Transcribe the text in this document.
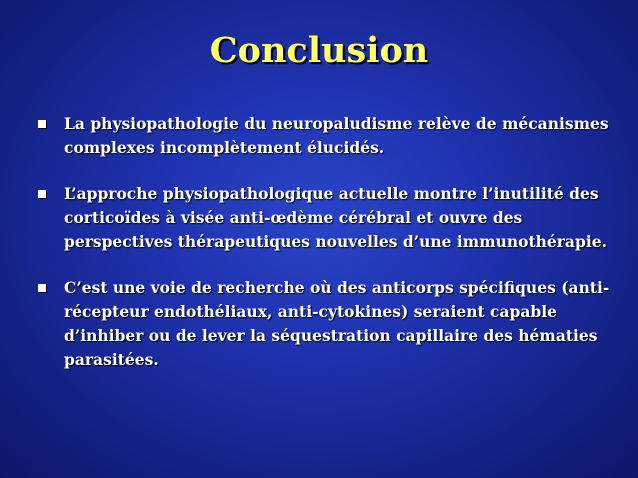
Conclusion
La physiopathologie du neuropaludisme relève de mécanismes complexes incomplètement élucidés.
L’approche physiopathologique actuelle montre l’inutilité des corticoïdes à visée anti-œdème cérébral et ouvre des perspectives thérapeutiques nouvelles d’une immunothérapie.
C’est une voie de recherche où des anticorps spécifiques (anti-récepteur endothéliaux, anti-cytokines) seraient capable d’inhiber ou de lever la séquestration capillaire des hématies parasitées.
